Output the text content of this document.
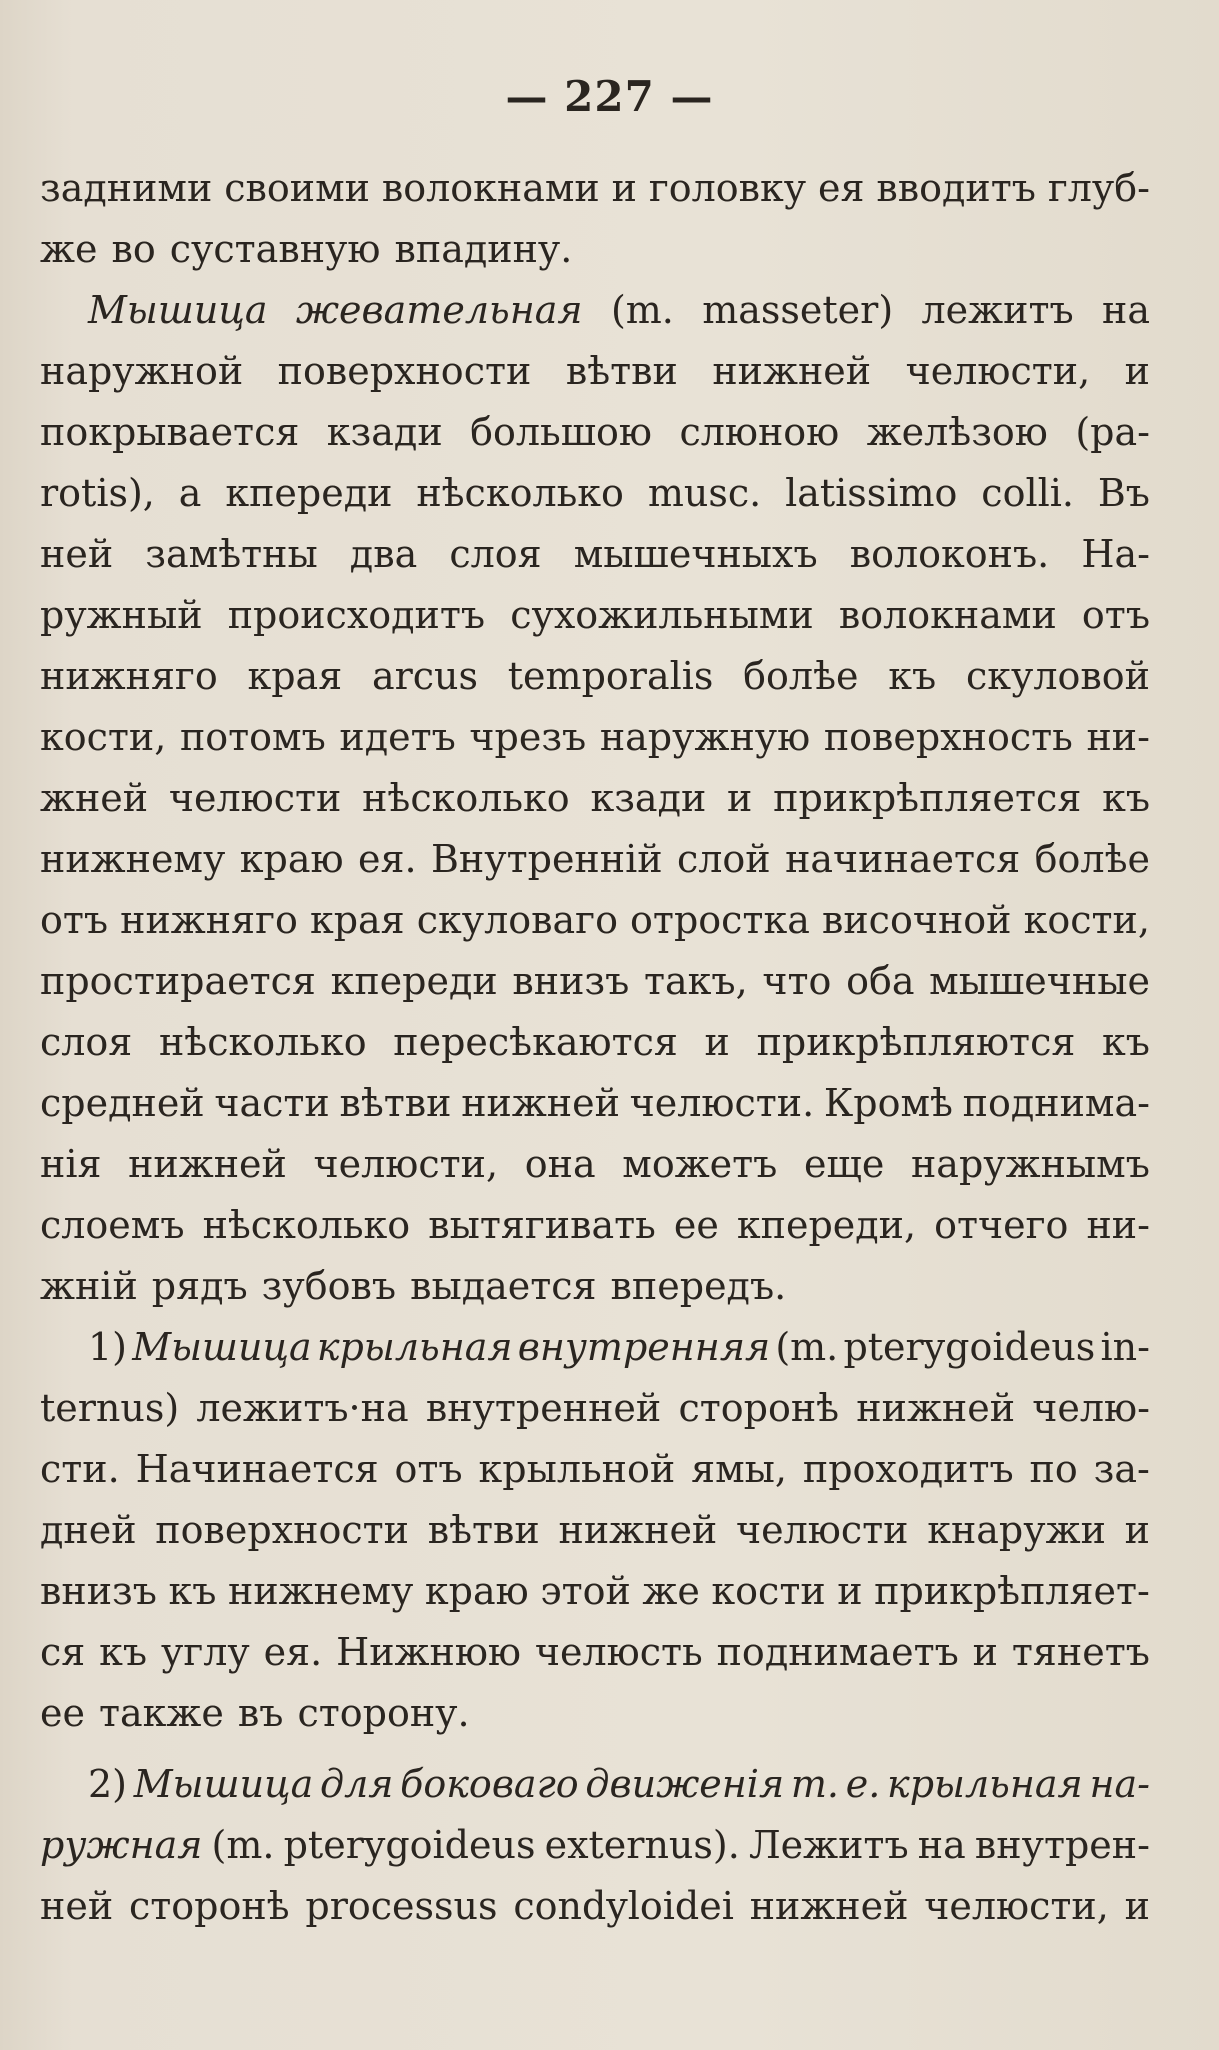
— 227 —
задними своими волокнами и головку ея вводитъ глуб-
же во суставную впадину.
Мышица жевательная (m. masseter) лежитъ на
наружной поверхности вѣтви нижней челюсти, и
покрывается кзади большою слюною желѣзою (pa-
rotis), а кпереди нѣсколько musc. latissimo colli. Въ
ней замѣтны два слоя мышечныхъ волоконъ. На-
ружный происходитъ сухожильными волокнами отъ
нижняго края arcus temporalis болѣе къ скуловой
кости, потомъ идетъ чрезъ наружную поверхность ни-
жней челюсти нѣсколько кзади и прикрѣпляется къ
нижнему краю ея. Внутренній слой начинается болѣе
отъ нижняго края скуловаго отростка височной кости,
простирается кпереди внизъ такъ, что оба мышечные
слоя нѣсколько пересѣкаются и прикрѣпляются къ
средней части вѣтви нижней челюсти. Кромѣ поднима-
нія нижней челюсти, она можетъ еще наружнымъ
слоемъ нѣсколько вытягивать ее кпереди, отчего ни-
жній рядъ зубовъ выдается впередъ.
1) Мышица крыльная внутренняя (m. pterygoideus in-
ternus) лежитъ·на внутренней сторонѣ нижней челю-
сти. Начинается отъ крыльной ямы, проходитъ по за-
дней поверхности вѣтви нижней челюсти кнаружи и
внизъ къ нижнему краю этой же кости и прикрѣпляет-
ся къ углу ея. Нижнюю челюсть поднимаетъ и тянетъ
ее также въ сторону.
2) Мышица для боковаго движенія т. е. крыльная на-
ружная (m. pterygoideus externus). Лежитъ на внутрен-
ней сторонѣ processus condyloidei нижней челюсти, и
